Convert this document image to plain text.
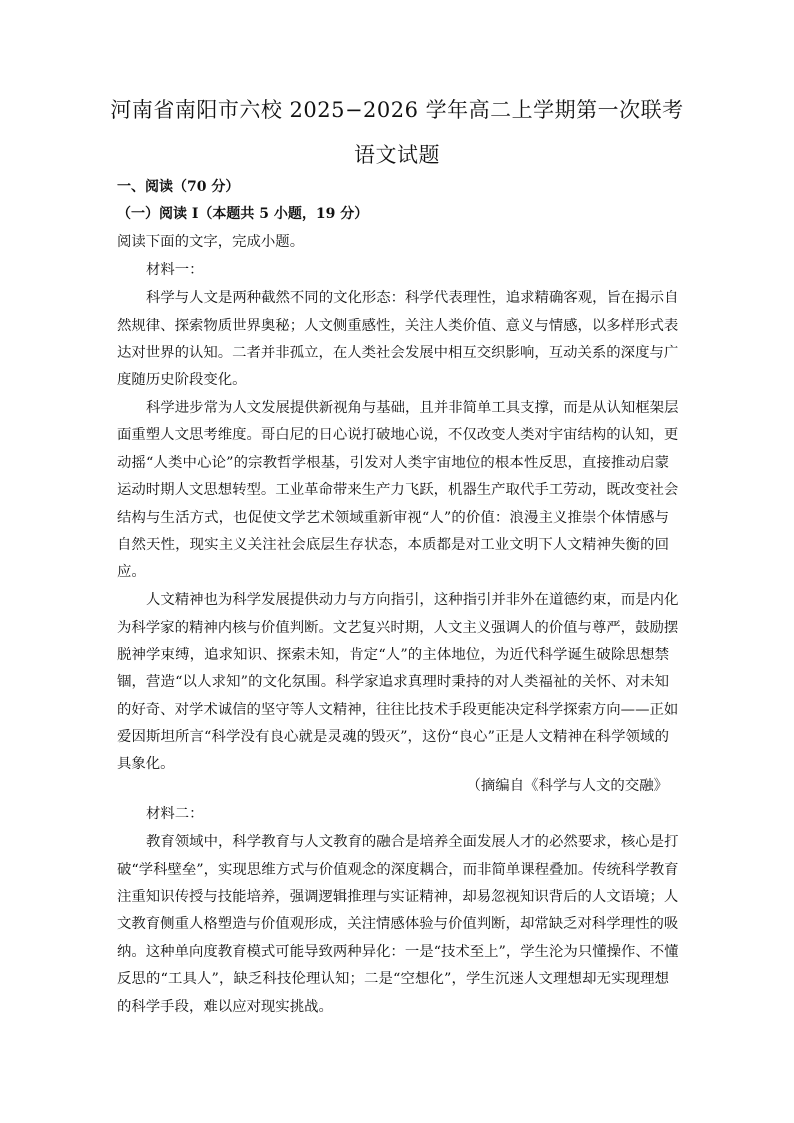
河南省南阳市六校 2025−2026 学年高二上学期第一次联考
语文试题
一、阅读（70 分）
（一）阅读 I（本题共 5 小题，19 分）
阅读下面的文字，完成小题。
材料一：
科学与人文是两种截然不同的文化形态：科学代表理性，追求精确客观，旨在揭示自
然规律、探索物质世界奥秘；人文侧重感性，关注人类价值、意义与情感，以多样形式表
达对世界的认知。二者并非孤立，在人类社会发展中相互交织影响，互动关系的深度与广
度随历史阶段变化。
科学进步常为人文发展提供新视角与基础，且并非简单工具支撑，而是从认知框架层
面重塑人文思考维度。哥白尼的日心说打破地心说，不仅改变人类对宇宙结构的认知，更
动摇“人类中心论”的宗教哲学根基，引发对人类宇宙地位的根本性反思，直接推动启蒙
运动时期人文思想转型。工业革命带来生产力飞跃，机器生产取代手工劳动，既改变社会
结构与生活方式，也促使文学艺术领域重新审视“人”的价值：浪漫主义推崇个体情感与
自然天性，现实主义关注社会底层生存状态，本质都是对工业文明下人文精神失衡的回
应。
人文精神也为科学发展提供动力与方向指引，这种指引并非外在道德约束，而是内化
为科学家的精神内核与价值判断。文艺复兴时期，人文主义强调人的价值与尊严，鼓励摆
脱神学束缚，追求知识、探索未知，肯定“人”的主体地位，为近代科学诞生破除思想禁
锢，营造“以人求知”的文化氛围。科学家追求真理时秉持的对人类福祉的关怀、对未知
的好奇、对学术诚信的坚守等人文精神，往往比技术手段更能决定科学探索方向——正如
爱因斯坦所言“科学没有良心就是灵魂的毁灭”，这份“良心”正是人文精神在科学领域的
具象化。
（摘编自《科学与人文的交融》
材料二：
教育领域中，科学教育与人文教育的融合是培养全面发展人才的必然要求，核心是打
破“学科壁垒”，实现思维方式与价值观念的深度耦合，而非简单课程叠加。传统科学教育
注重知识传授与技能培养，强调逻辑推理与实证精神，却易忽视知识背后的人文语境；人
文教育侧重人格塑造与价值观形成，关注情感体验与价值判断，却常缺乏对科学理性的吸
纳。这种单向度教育模式可能导致两种异化：一是“技术至上”，学生沦为只懂操作、不懂
反思的“工具人”，缺乏科技伦理认知；二是“空想化”，学生沉迷人文理想却无实现理想
的科学手段，难以应对现实挑战。
